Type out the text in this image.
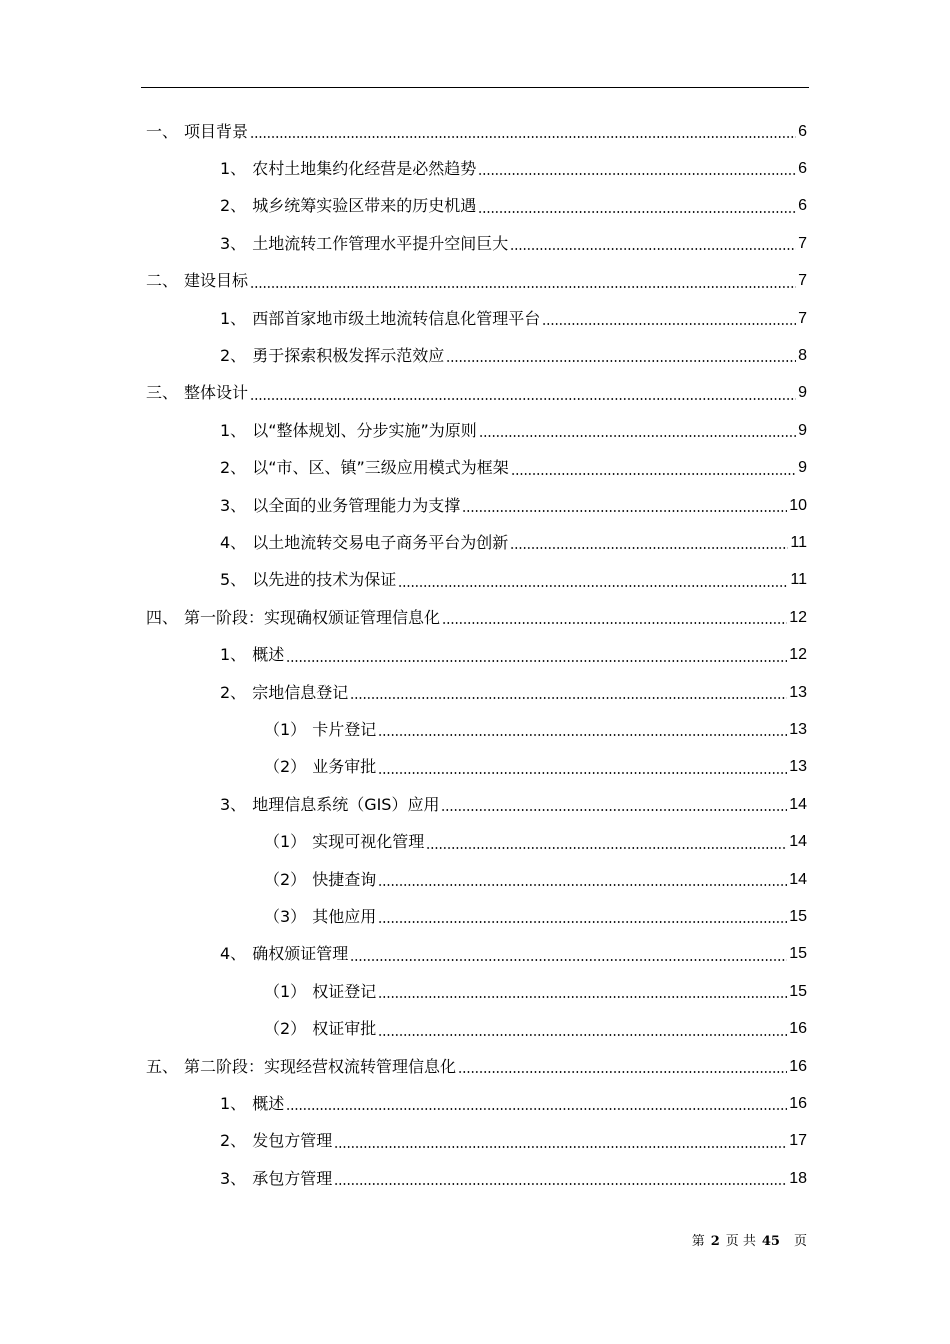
一、 项目背景	6
1、 农村土地集约化经营是必然趋势	6
2、 城乡统筹实验区带来的历史机遇	6
3、 土地流转工作管理水平提升空间巨大	7
二、 建设目标	7
1、 西部首家地市级土地流转信息化管理平台	7
2、 勇于探索积极发挥示范效应	8
三、 整体设计	9
1、 以“整体规划、分步实施”为原则	9
2、 以“市、区、镇”三级应用模式为框架	9
3、 以全面的业务管理能力为支撑	10
4、 以土地流转交易电子商务平台为创新	11
5、 以先进的技术为保证	11
四、 第一阶段：实现确权颁证管理信息化	12
1、 概述	12
2、 宗地信息登记	13
（1） 卡片登记	13
（2） 业务审批	13
3、 地理信息系统（GIS）应用	14
（1） 实现可视化管理	14
（2） 快捷查询	14
（3） 其他应用	15
4、 确权颁证管理	15
（1） 权证登记	15
（2） 权证审批	16
五、 第二阶段：实现经营权流转管理信息化	16
1、 概述	16
2、 发包方管理	17
3、 承包方管理	18
第 2 页 共 45 页
